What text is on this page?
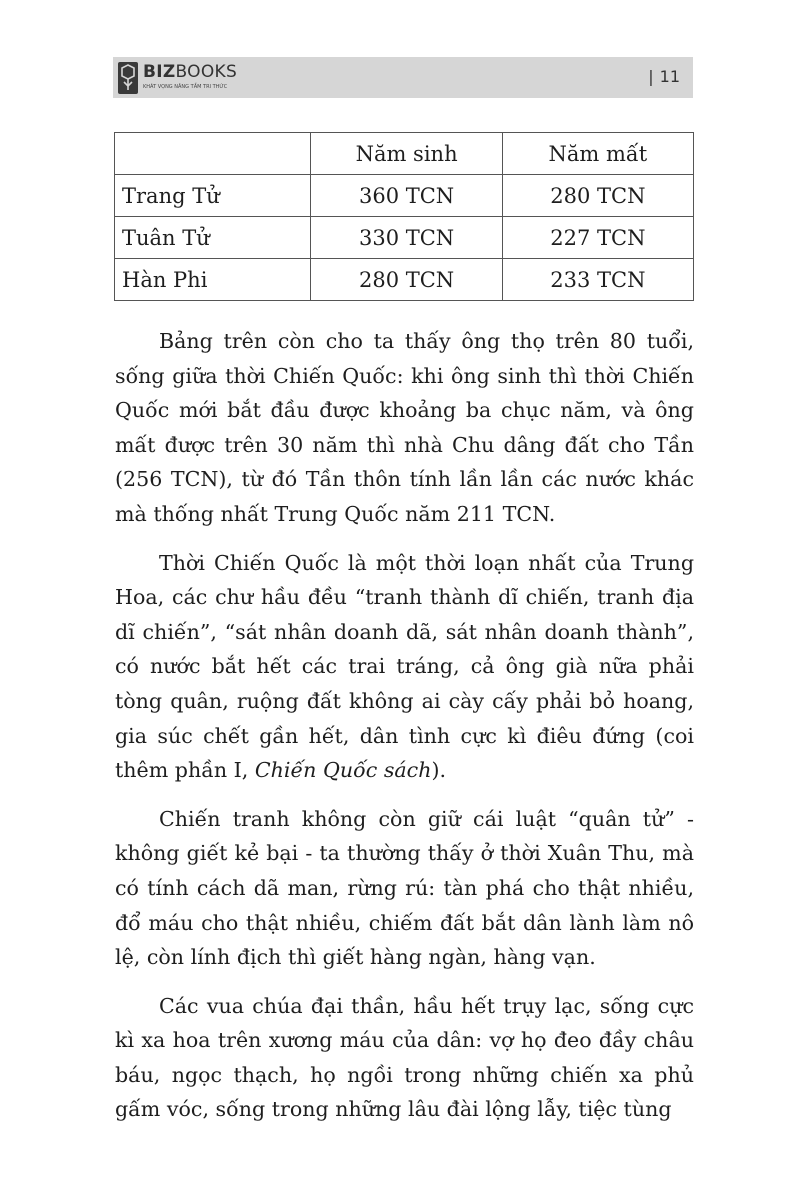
BIZBOOKS
KHÁT VỌNG NÂNG TẦM TRI THỨC
| 11
	Năm sinh	Năm mất
Trang Tử	360 TCN	280 TCN
Tuân Tử	330 TCN	227 TCN
Hàn Phi	280 TCN	233 TCN

Bảng trên còn cho ta thấy ông thọ trên 80 tuổi, sống giữa thời Chiến Quốc: khi ông sinh thì thời Chiến Quốc mới bắt đầu được khoảng ba chục năm, và ông mất được trên 30 năm thì nhà Chu dâng đất cho Tần (256 TCN), từ đó Tần thôn tính lần lần các nước khác mà thống nhất Trung Quốc năm 211 TCN.

Thời Chiến Quốc là một thời loạn nhất của Trung Hoa, các chư hầu đều “tranh thành dĩ chiến, tranh địa dĩ chiến”, “sát nhân doanh dã, sát nhân doanh thành”, có nước bắt hết các trai tráng, cả ông già nữa phải tòng quân, ruộng đất không ai cày cấy phải bỏ hoang, gia súc chết gần hết, dân tình cực kì điêu đứng (coi thêm phần I, Chiến Quốc sách).

Chiến tranh không còn giữ cái luật “quân tử” - không giết kẻ bại - ta thường thấy ở thời Xuân Thu, mà có tính cách dã man, rừng rú: tàn phá cho thật nhiều, đổ máu cho thật nhiều, chiếm đất bắt dân lành làm nô lệ, còn lính địch thì giết hàng ngàn, hàng vạn.

Các vua chúa đại thần, hầu hết trụy lạc, sống cực kì xa hoa trên xương máu của dân: vợ họ đeo đầy châu báu, ngọc thạch, họ ngồi trong những chiến xa phủ gấm vóc, sống trong những lâu đài lộng lẫy, tiệc tùng
